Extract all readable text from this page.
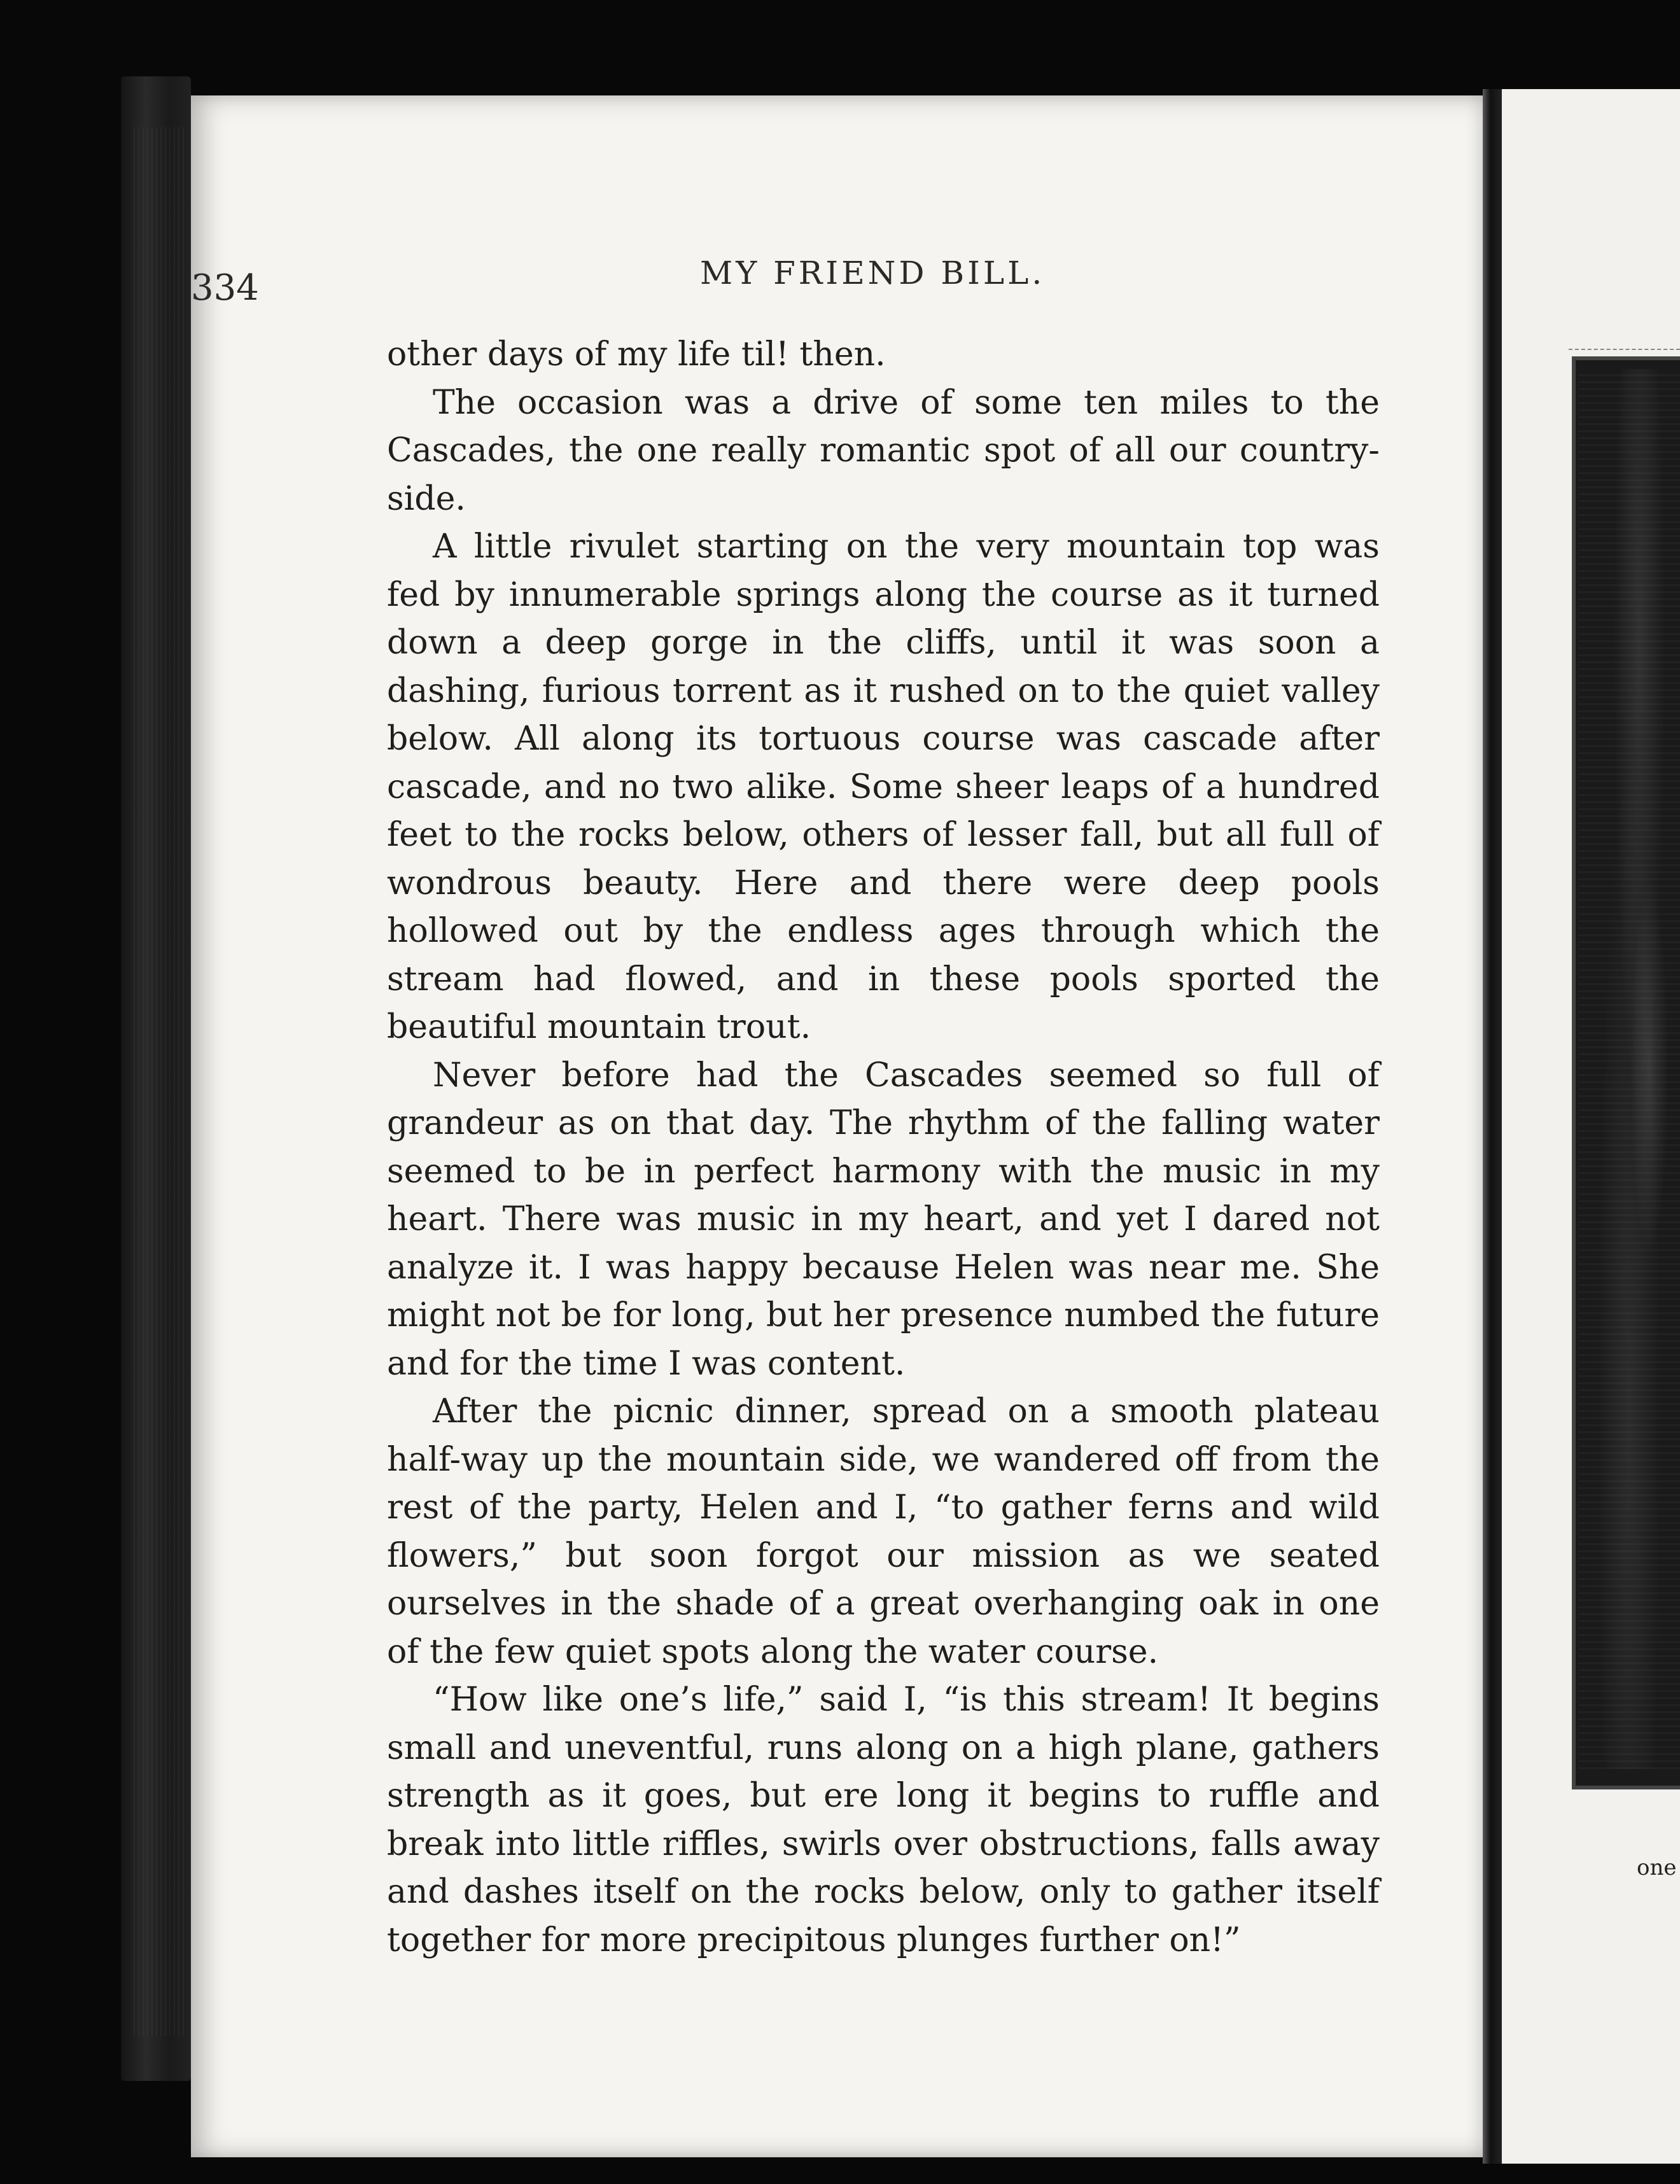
one
334	MY FRIEND BILL.

other days of my life til! then.

The occasion was a drive of some ten miles to the Cascades, the one really romantic spot of all our country-side.

A little rivulet starting on the very mountain top was fed by innumerable springs along the course as it turned down a deep gorge in the cliffs, until it was soon a dashing, furious torrent as it rushed on to the quiet valley below. All along its tortuous course was cascade after cascade, and no two alike. Some sheer leaps of a hundred feet to the rocks below, others of lesser fall, but all full of wondrous beauty. Here and there were deep pools hollowed out by the endless ages through which the stream had flowed, and in these pools sported the beautiful mountain trout.

Never before had the Cascades seemed so full of grandeur as on that day. The rhythm of the falling water seemed to be in perfect harmony with the music in my heart. There was music in my heart, and yet I dared not analyze it. I was happy because Helen was near me. She might not be for long, but her presence numbed the future and for the time I was content.

After the picnic dinner, spread on a smooth plateau half-way up the mountain side, we wandered off from the rest of the party, Helen and I, “to gather ferns and wild flowers,” but soon forgot our mission as we seated ourselves in the shade of a great overhanging oak in one of the few quiet spots along the water course.

“How like one’s life,” said I, “is this stream! It begins small and uneventful, runs along on a high plane, gathers strength as it goes, but ere long it begins to ruffle and break into little riffles, swirls over obstructions, falls away and dashes itself on the rocks below, only to gather itself together for more precipitous plunges further on!”
